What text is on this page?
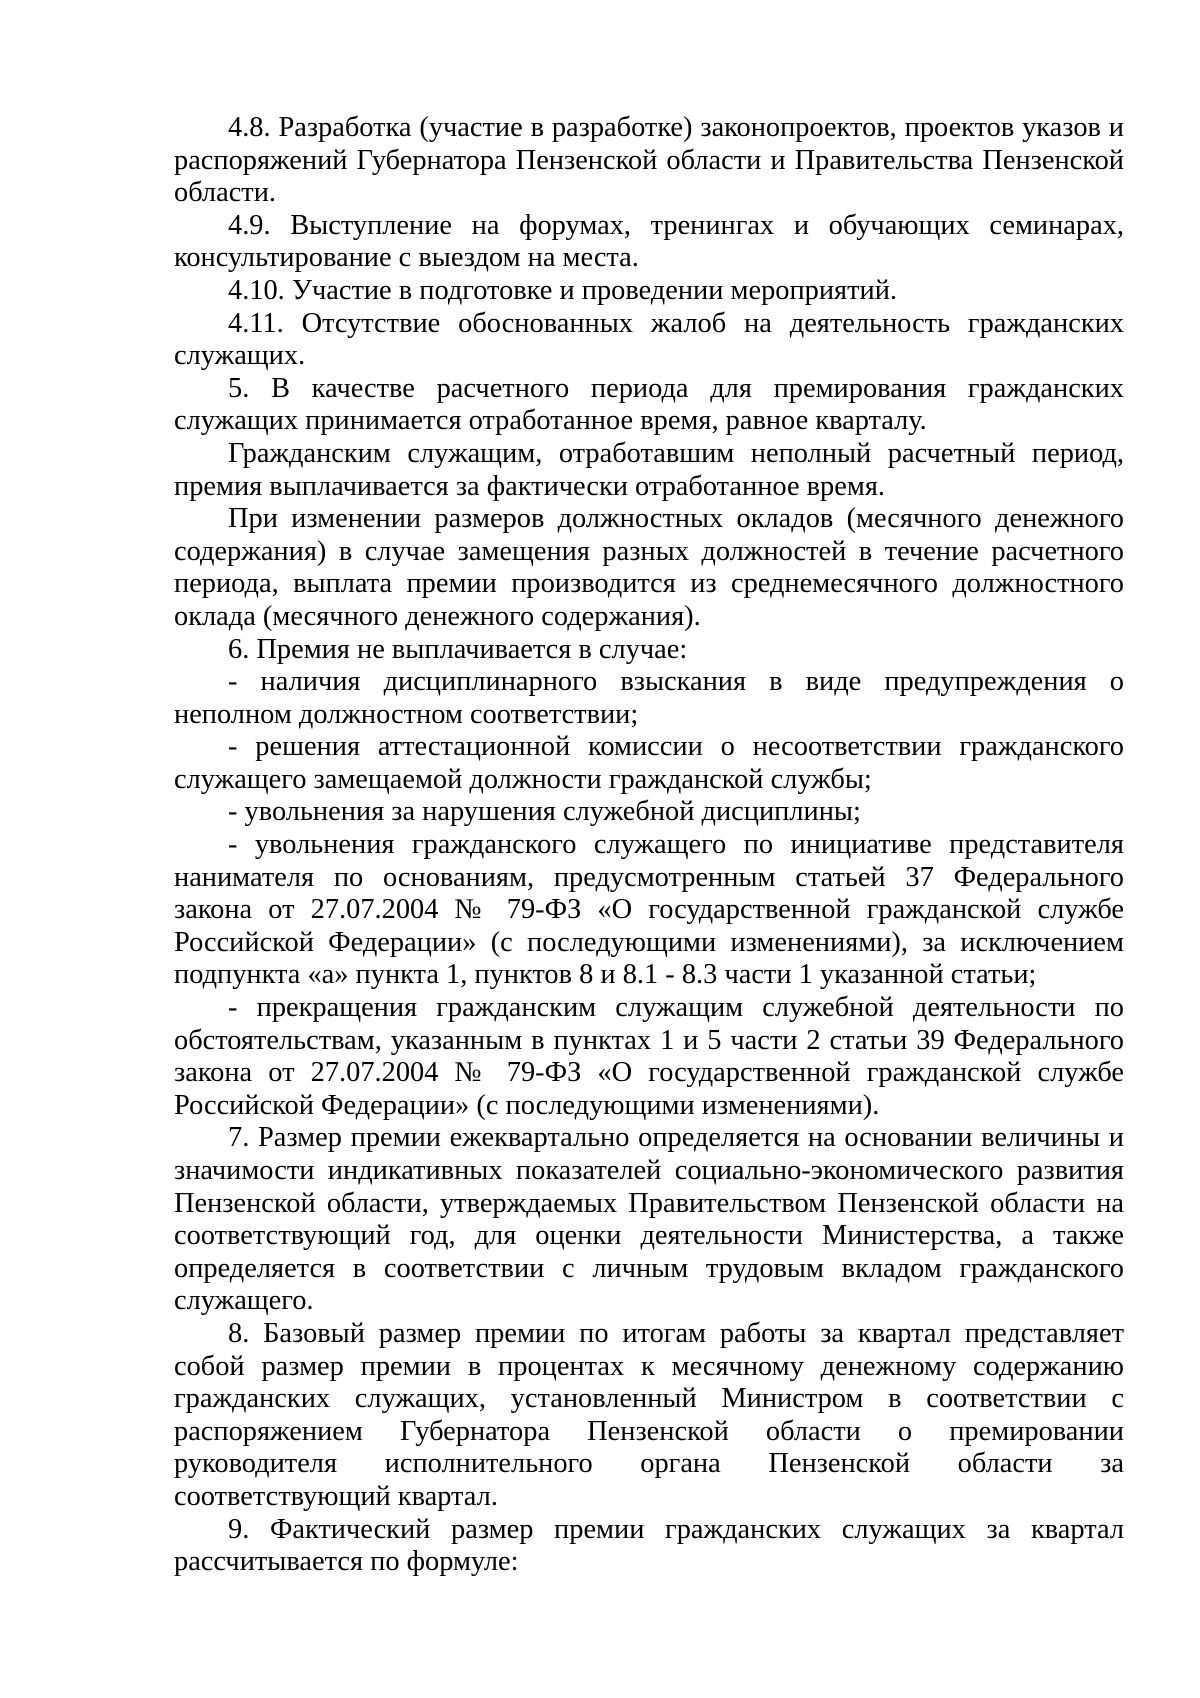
4.8. Разработка (участие в разработке) законопроектов, проектов указов и распоряжений Губернатора Пензенской области и Правительства Пензенской области.

4.9. Выступление на форумах, тренингах и обучающих семинарах, консультирование с выездом на места.

4.10. Участие в подготовке и проведении мероприятий.

4.11. Отсутствие обоснованных жалоб на деятельность гражданских служащих.

5. В качестве расчетного периода для премирования гражданских служащих принимается отработанное время, равное кварталу.

Гражданским служащим, отработавшим неполный расчетный период, премия выплачивается за фактически отработанное время.

При изменении размеров должностных окладов (месячного денежного содержания) в случае замещения разных должностей в течение расчетного периода, выплата премии производится из среднемесячного должностного оклада (месячного денежного содержания).

6. Премия не выплачивается в случае:

- наличия дисциплинарного взыскания в виде предупреждения о неполном должностном соответствии;

- решения аттестационной комиссии о несоответствии гражданского служащего замещаемой должности гражданской службы;

- увольнения за нарушения служебной дисциплины;

- увольнения гражданского служащего по инициативе представителя нанимателя по основаниям, предусмотренным статьей 37 Федерального закона от 27.07.2004 № 79-ФЗ «О государственной гражданской службе Российской Федерации» (с последующими изменениями), за исключением подпункта «а» пункта 1, пунктов 8 и 8.1 - 8.3 части 1 указанной статьи;

- прекращения гражданским служащим служебной деятельности по обстоятельствам, указанным в пунктах 1 и 5 части 2 статьи 39 Федерального закона от 27.07.2004 № 79-ФЗ «О государственной гражданской службе Российской Федерации» (с последующими изменениями).

7. Размер премии ежеквартально определяется на основании величины и значимости индикативных показателей социально-экономического развития Пензенской области, утверждаемых Правительством Пензенской области на соответствующий год, для оценки деятельности Министерства, а также определяется в соответствии с личным трудовым вкладом гражданского служащего.

8. Базовый размер премии по итогам работы за квартал представляет собой размер премии в процентах к месячному денежному содержанию гражданских служащих, установленный Министром в соответствии с распоряжением Губернатора Пензенской области о премировании руководителя исполнительного органа Пензенской области за соответствующий квартал.

9. Фактический размер премии гражданских служащих за квартал рассчитывается по формуле:
